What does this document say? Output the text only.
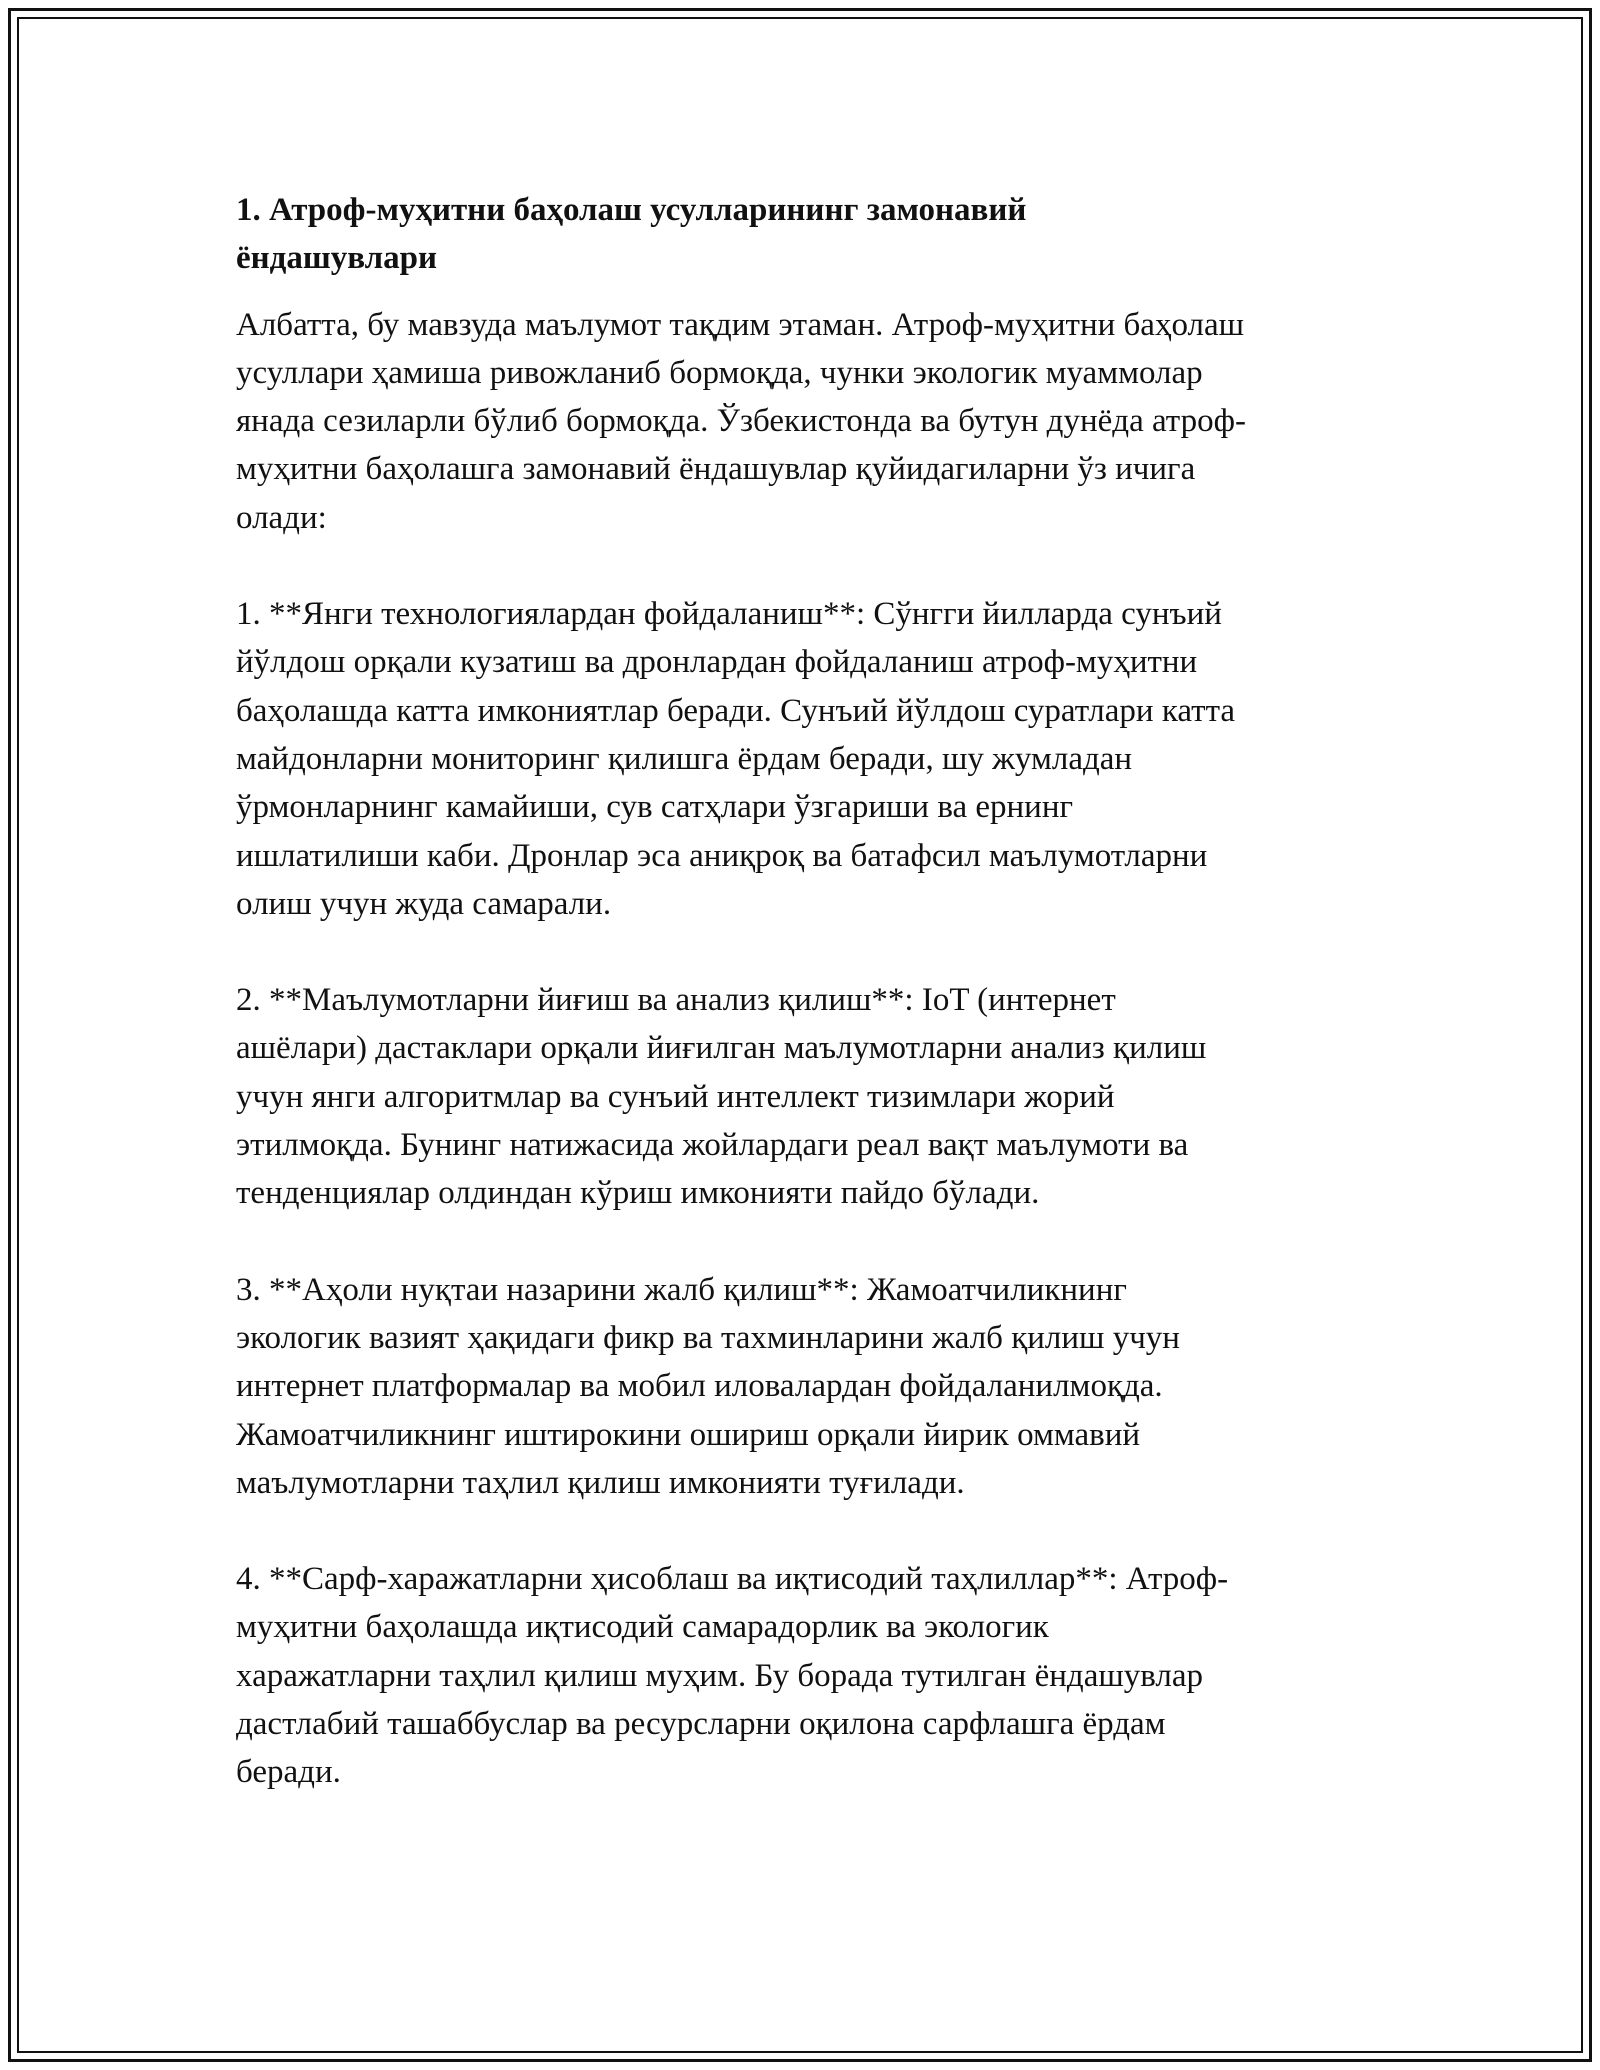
1. Атроф-муҳитни баҳолаш усулларининг замонавий
ёндашувлари

Албатта, бу мавзуда маълумот тақдим этаман. Атроф-муҳитни баҳолаш
усуллари ҳамиша ривожланиб бормоқда, чунки экологик муаммолар
янада сезиларли бўлиб бормоқда. Ўзбекистонда ва бутун дунёда атроф-
муҳитни баҳолашга замонавий ёндашувлар қуйидагиларни ўз ичига
олади:

1. **Янги технологиялардан фойдаланиш**: Сўнгги йилларда сунъий
йўлдош орқали кузатиш ва дронлардан фойдаланиш атроф-муҳитни
баҳолашда катта имкониятлар беради. Сунъий йўлдош суратлари катта
майдонларни мониторинг қилишга ёрдам беради, шу жумладан
ўрмонларнинг камайиши, сув сатҳлари ўзгариши ва ернинг
ишлатилиши каби. Дронлар эса аниқроқ ва батафсил маълумотларни
олиш учун жуда самарали.

2. **Маълумотларни йиғиш ва анализ қилиш**: IoT (интернет
ашёлари) дастаклари орқали йиғилган маълумотларни анализ қилиш
учун янги алгоритмлар ва сунъий интеллект тизимлари жорий
этилмоқда. Бунинг натижасида жойлардаги реал вақт маълумоти ва
тенденциялар олдиндан кўриш имконияти пайдо бўлади.

3. **Аҳоли нуқтаи назарини жалб қилиш**: Жамоатчиликнинг
экологик вазият ҳақидаги фикр ва тахминларини жалб қилиш учун
интернет платформалар ва мобил иловалардан фойдаланилмоқда.
Жамоатчиликнинг иштирокини ошириш орқали йирик оммавий
маълумотларни таҳлил қилиш имконияти туғилади.

4. **Сарф-харажатларни ҳисоблаш ва иқтисодий таҳлиллар**: Атроф-
муҳитни баҳолашда иқтисодий самарадорлик ва экологик
харажатларни таҳлил қилиш муҳим. Бу борада тутилган ёндашувлар
дастлабий ташаббуслар ва ресурсларни оқилона сарфлашга ёрдам
беради.
